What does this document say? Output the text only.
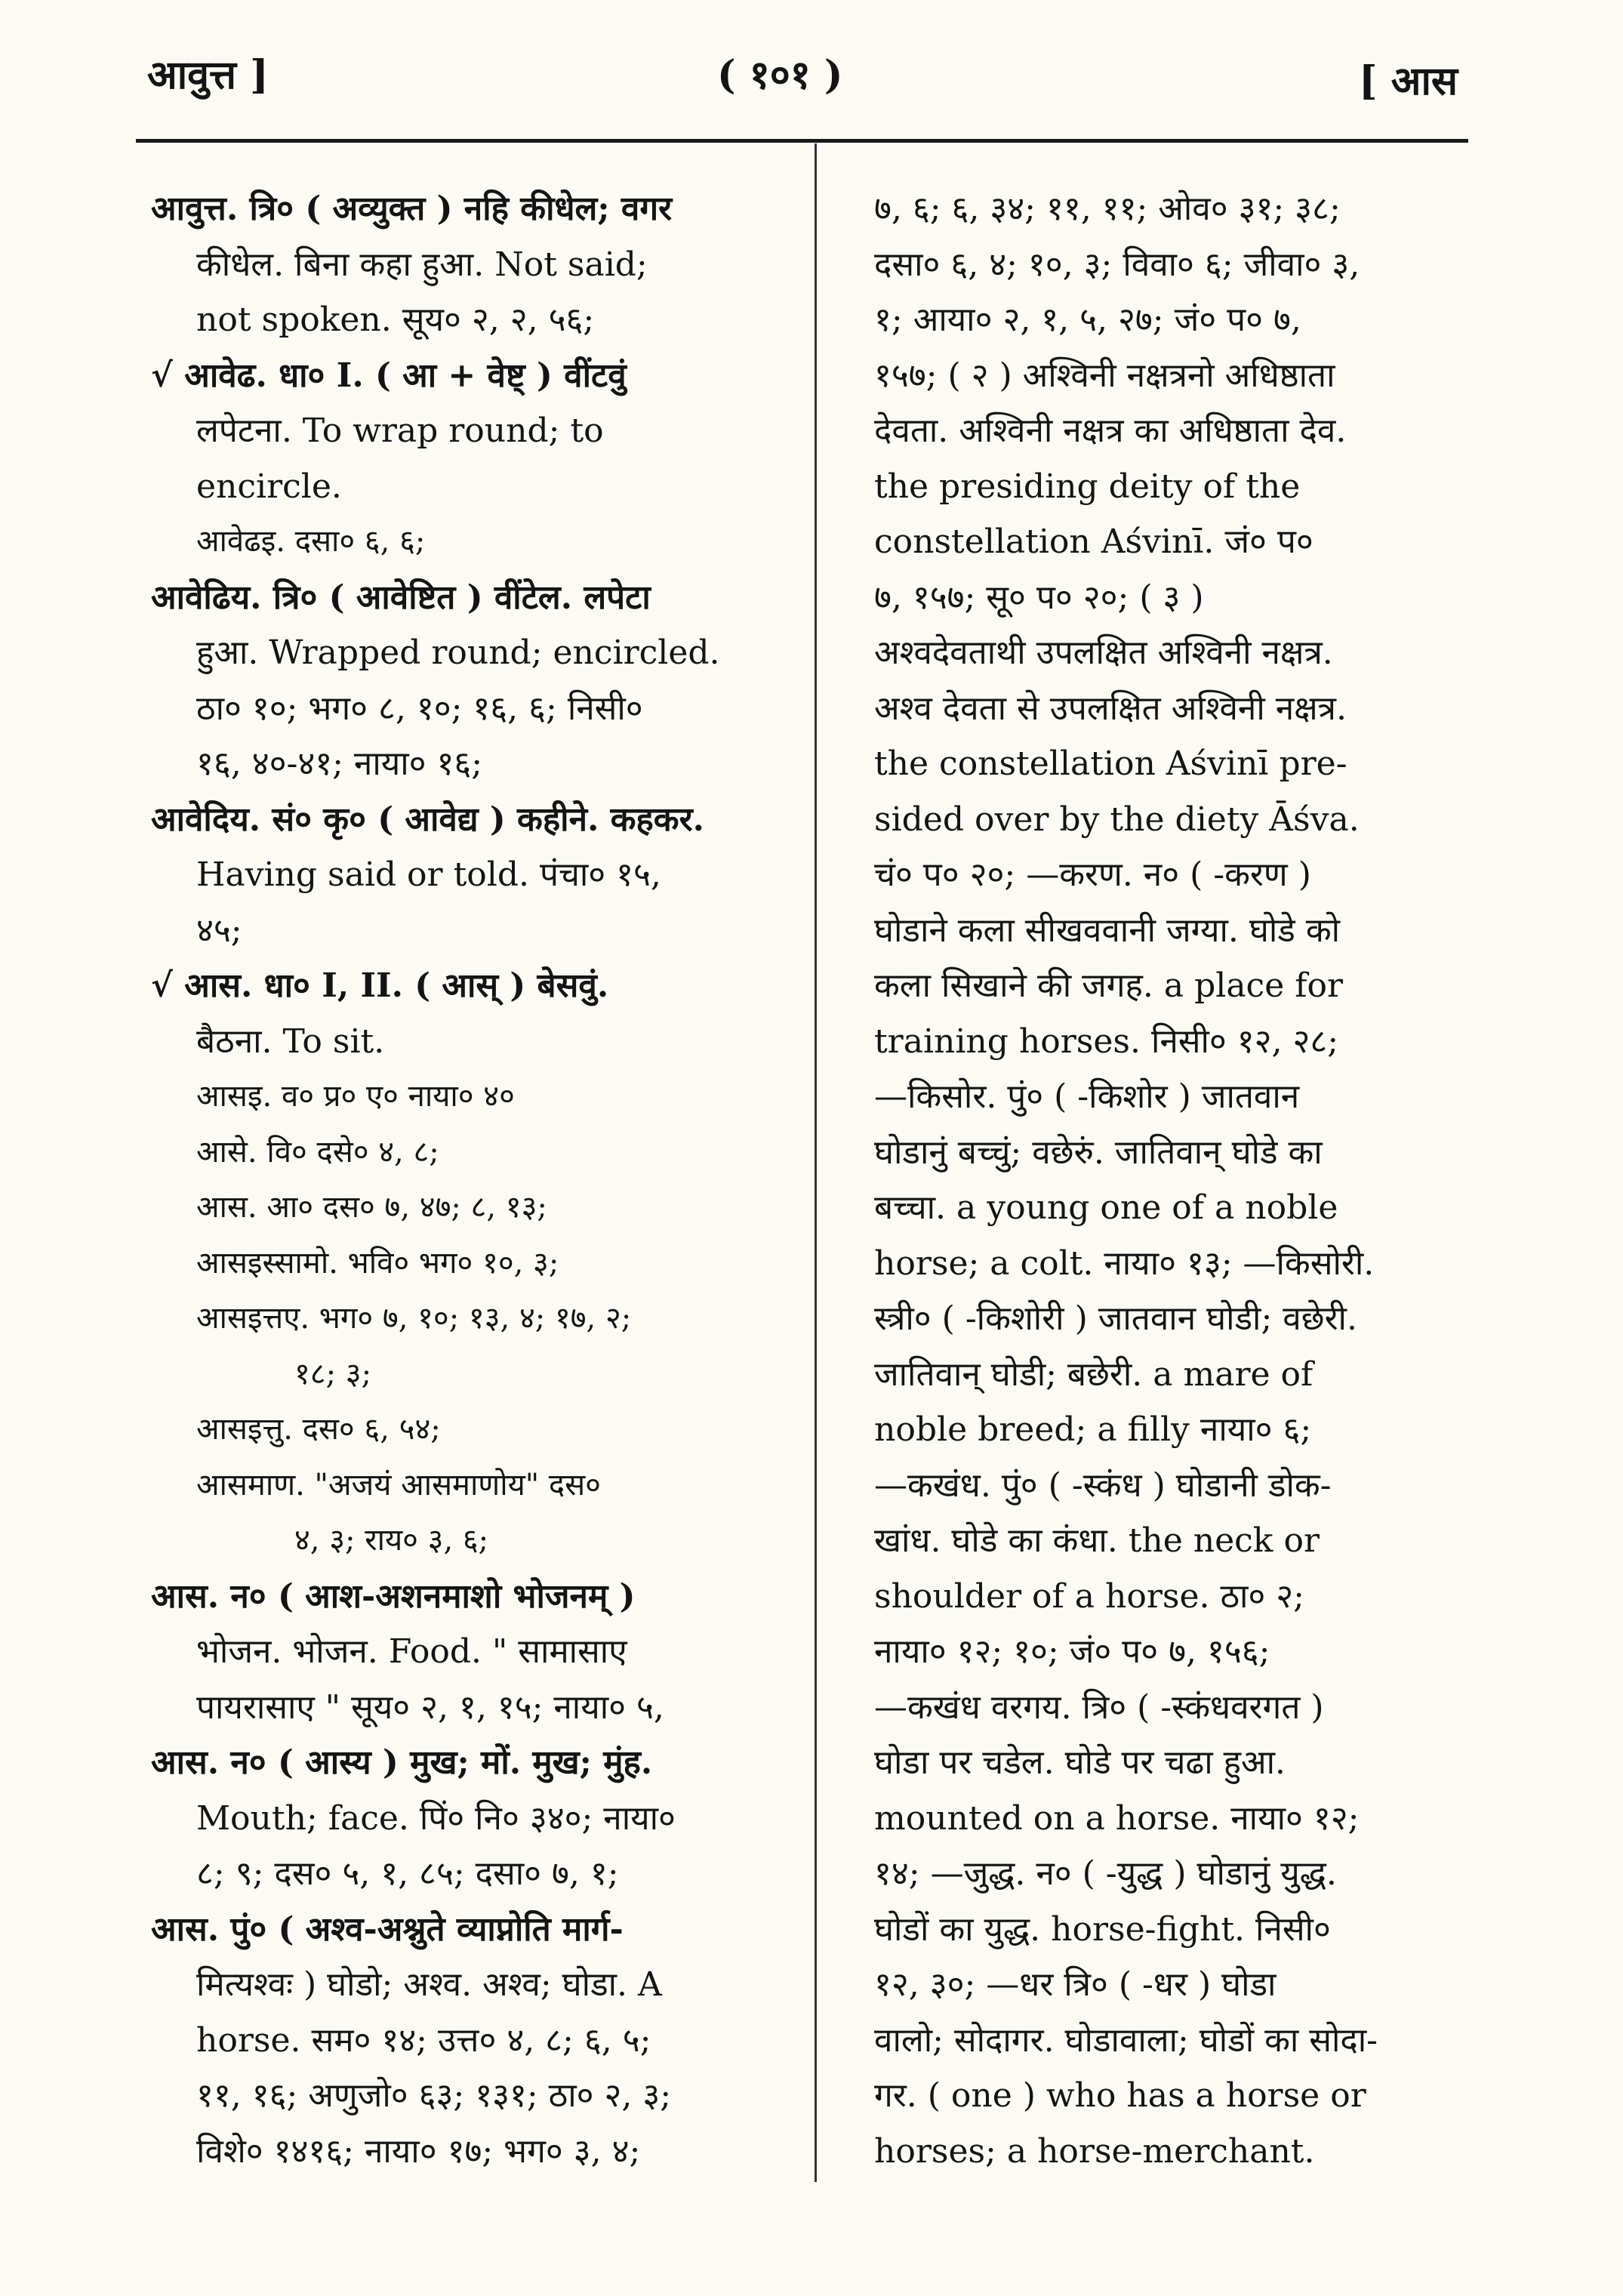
आवुत्त ]	( १०१ )	[ आस
आवुत्त. त्रि० ( अव्युक्त ) नहि कीधेल; वगर
कीधेल. बिना कहा हुआ. Not said;
not spoken. सूय० २, २, ५६;
√ आवेढ. धा० I. ( आ + वेष्ट् ) वींटवुं
लपेटना. To wrap round; to
encircle.
आवेढइ. दसा० ६, ६;
आवेढिय. त्रि० ( आवेष्टित ) वींटेल. लपेटा
हुआ. Wrapped round; encircled.
ठा० १०; भग० ८, १०; १६, ६; निसी०
१६, ४०-४१; नाया० १६;
आवेदिय. सं० कृ० ( आवेद्य ) कहीने. कहकर.
Having said or told. पंचा० १५,
४५;
√ आस. धा० I, II. ( आस् ) बेसवुं.
बैठना. To sit.
आसइ. व० प्र० ए० नाया० ४०
आसे. वि० दसे० ४, ८;
आस. आ० दस० ७, ४७; ८, १३;
आसइस्सामो. भवि० भग० १०, ३;
आसइत्तए. भग० ७, १०; १३, ४; १७, २;
१८; ३;
आसइत्तु. दस० ६, ५४;
आसमाण. "अजयं आसमाणोय" दस०
४, ३; राय० ३, ६;
आस. न० ( आश-अशनमाशो भोजनम् )
भोजन. भोजन. Food. " सामासाए
पायरासाए " सूय० २, १, १५; नाया० ५,
आस. न० ( आस्य ) मुख; मों. मुख; मुंह.
Mouth; face. पिं० नि० ३४०; नाया०
८; ९; दस० ५, १, ८५; दसा० ७, १;
आस. पुं० ( अश्व-अश्नुते व्याप्नोति मार्ग-
मित्यश्वः ) घोडो; अश्व. अश्व; घोडा. A
horse. सम० १४; उत्त० ४, ८; ६, ५;
११, १६; अणुजो० ६३; १३१; ठा० २, ३;
विशे० १४१६; नाया० १७; भग० ३, ४;
७, ६; ६, ३४; ११, ११; ओव० ३१; ३८;
दसा० ६, ४; १०, ३; विवा० ६; जीवा० ३,
१; आया० २, १, ५, २७; जं० प० ७,
१५७; ( २ ) अश्विनी नक्षत्रनो अधिष्ठाता
देवता. अश्विनी नक्षत्र का अधिष्ठाता देव.
the presiding deity of the
constellation Aśvinī. जं० प०
७, १५७; सू० प० २०; ( ३ )
अश्वदेवताथी उपलक्षित अश्विनी नक्षत्र.
अश्व देवता से उपलक्षित अश्विनी नक्षत्र.
the constellation Aśvinī pre-
sided over by the diety Āśva.
चं० प० २०; —करण. न० ( -करण )
घोडाने कला सीखववानी जग्या. घोडे को
कला सिखाने की जगह. a place for
training horses. निसी० १२, २८;
—किसोर. पुं० ( -किशोर ) जातवान
घोडानुं बच्चुं; वछेरुं. जातिवान् घोडे का
बच्चा. a young one of a noble
horse; a colt. नाया० १३; —किसोरी.
स्त्री० ( -किशोरी ) जातवान घोडी; वछेरी.
जातिवान् घोडी; बछेरी. a mare of
noble breed; a filly नाया० ६;
—कखंध. पुं० ( -स्कंध ) घोडानी डोक-
खांध. घोडे का कंधा. the neck or
shoulder of a horse. ठा० २;
नाया० १२; १०; जं० प० ७, १५६;
—कखंध वरगय. त्रि० ( -स्कंधवरगत )
घोडा पर चडेल. घोडे पर चढा हुआ.
mounted on a horse. नाया० १२;
१४; —जुद्ध. न० ( -युद्ध ) घोडानुं युद्ध.
घोडों का युद्ध. horse-fight. निसी०
१२, ३०; —धर त्रि० ( -धर ) घोडा
वालो; सोदागर. घोडावाला; घोडों का सोदा-
गर. ( one ) who has a horse or
horses; a horse-merchant.
